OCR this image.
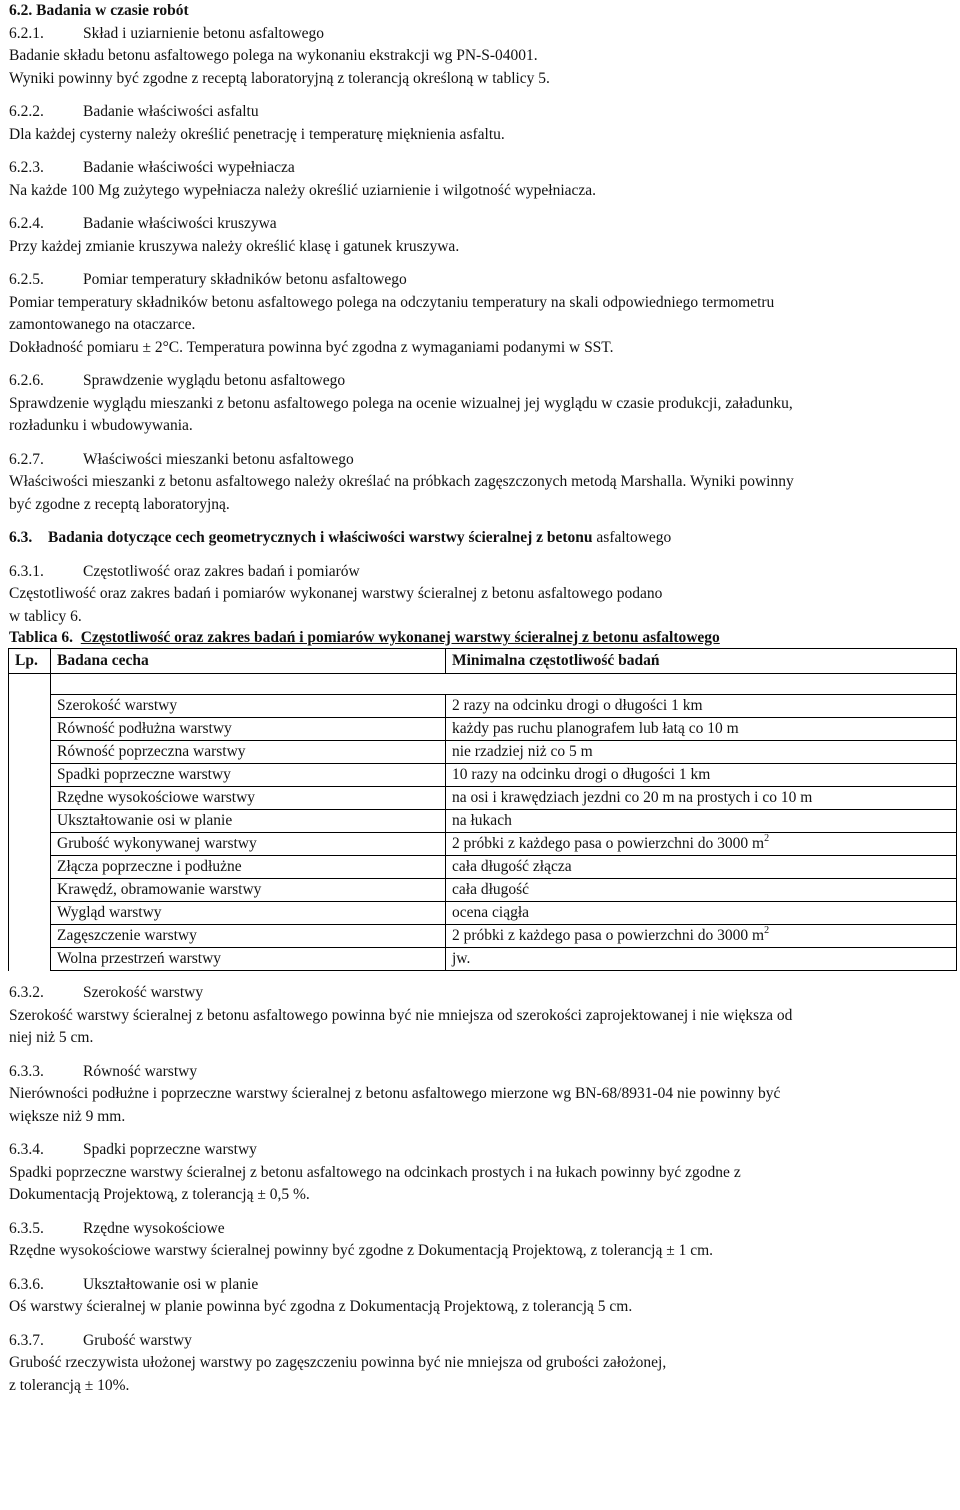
6.2. Badania w czasie robót
6.2.1.	Skład i uziarnienie betonu asfaltowego
Badanie składu betonu asfaltowego polega na wykonaniu ekstrakcji wg PN-S-04001.
Wyniki powinny być zgodne z receptą laboratoryjną z tolerancją określoną w tablicy 5.
6.2.2.	Badanie właściwości asfaltu
Dla każdej cysterny należy określić penetrację i temperaturę mięknienia asfaltu.
6.2.3.	Badanie właściwości wypełniacza
Na każde 100 Mg zużytego wypełniacza należy określić uziarnienie i wilgotność wypełniacza.
6.2.4.	Badanie właściwości kruszywa
Przy każdej zmianie kruszywa należy określić klasę i gatunek kruszywa.
6.2.5.	Pomiar temperatury składników betonu asfaltowego
Pomiar temperatury składników betonu asfaltowego polega na odczytaniu temperatury na skali odpowiedniego termometru
zamontowanego na otaczarce.
Dokładność pomiaru ± 2°C. Temperatura powinna być zgodna z wymaganiami podanymi w SST.
6.2.6.	Sprawdzenie wyglądu betonu asfaltowego
Sprawdzenie wyglądu mieszanki z betonu asfaltowego polega na ocenie wizualnej jej wyglądu w czasie produkcji, załadunku,
rozładunku i wbudowywania.
6.2.7.	Właściwości mieszanki betonu asfaltowego
Właściwości mieszanki z betonu asfaltowego należy określać na próbkach zagęszczonych metodą Marshalla. Wyniki powinny
być zgodne z receptą laboratoryjną.
6.3. Badania dotyczące cech geometrycznych i właściwości warstwy ścieralnej z betonu asfaltowego
6.3.1.	Częstotliwość oraz zakres badań i pomiarów
Częstotliwość oraz zakres badań i pomiarów wykonanej warstwy ścieralnej z betonu asfaltowego podano
w tablicy 6.
Tablica 6. Częstotliwość oraz zakres badań i pomiarów wykonanej warstwy ścieralnej z betonu asfaltowego
Lp.	Badana cecha	Minimalna częstotliwość badań

	Szerokość warstwy	2 razy na odcinku drogi o długości 1 km
	Równość podłużna warstwy	każdy pas ruchu planografem lub łatą co 10 m
	Równość poprzeczna warstwy	nie rzadziej niż co 5 m
	Spadki poprzeczne warstwy	10 razy na odcinku drogi o długości 1 km
	Rzędne wysokościowe warstwy	na osi i krawędziach jezdni co 20 m na prostych i co 10 m
	Ukształtowanie osi w planie	na łukach
	Grubość wykonywanej warstwy	2 próbki z każdego pasa o powierzchni do 3000 $m^2$
	Złącza poprzeczne i podłużne	cała długość złącza
	Krawędź, obramowanie warstwy	cała długość
	Wygląd warstwy	ocena ciągła
	Zagęszczenie warstwy	2 próbki z każdego pasa o powierzchni do 3000 $m^2$
	Wolna przestrzeń warstwy	jw.
6.3.2.	Szerokość warstwy
Szerokość warstwy ścieralnej z betonu asfaltowego powinna być nie mniejsza od szerokości zaprojektowanej i nie większa od
niej niż 5 cm.
6.3.3.	Równość warstwy
Nierówności podłużne i poprzeczne warstwy ścieralnej z betonu asfaltowego mierzone wg BN-68/8931-04 nie powinny być
większe niż 9 mm.
6.3.4.	Spadki poprzeczne warstwy
Spadki poprzeczne warstwy ścieralnej z betonu asfaltowego na odcinkach prostych i na łukach powinny być zgodne z
Dokumentacją Projektową, z tolerancją ± 0,5 %.
6.3.5.	Rzędne wysokościowe
Rzędne wysokościowe warstwy ścieralnej powinny być zgodne z Dokumentacją Projektową, z tolerancją ± 1 cm.
6.3.6.	Ukształtowanie osi w planie
Oś warstwy ścieralnej w planie powinna być zgodna z Dokumentacją Projektową, z tolerancją 5 cm.
6.3.7.	Grubość warstwy
Grubość rzeczywista ułożonej warstwy po zagęszczeniu powinna być nie mniejsza od grubości założonej,
z tolerancją ± 10%.
